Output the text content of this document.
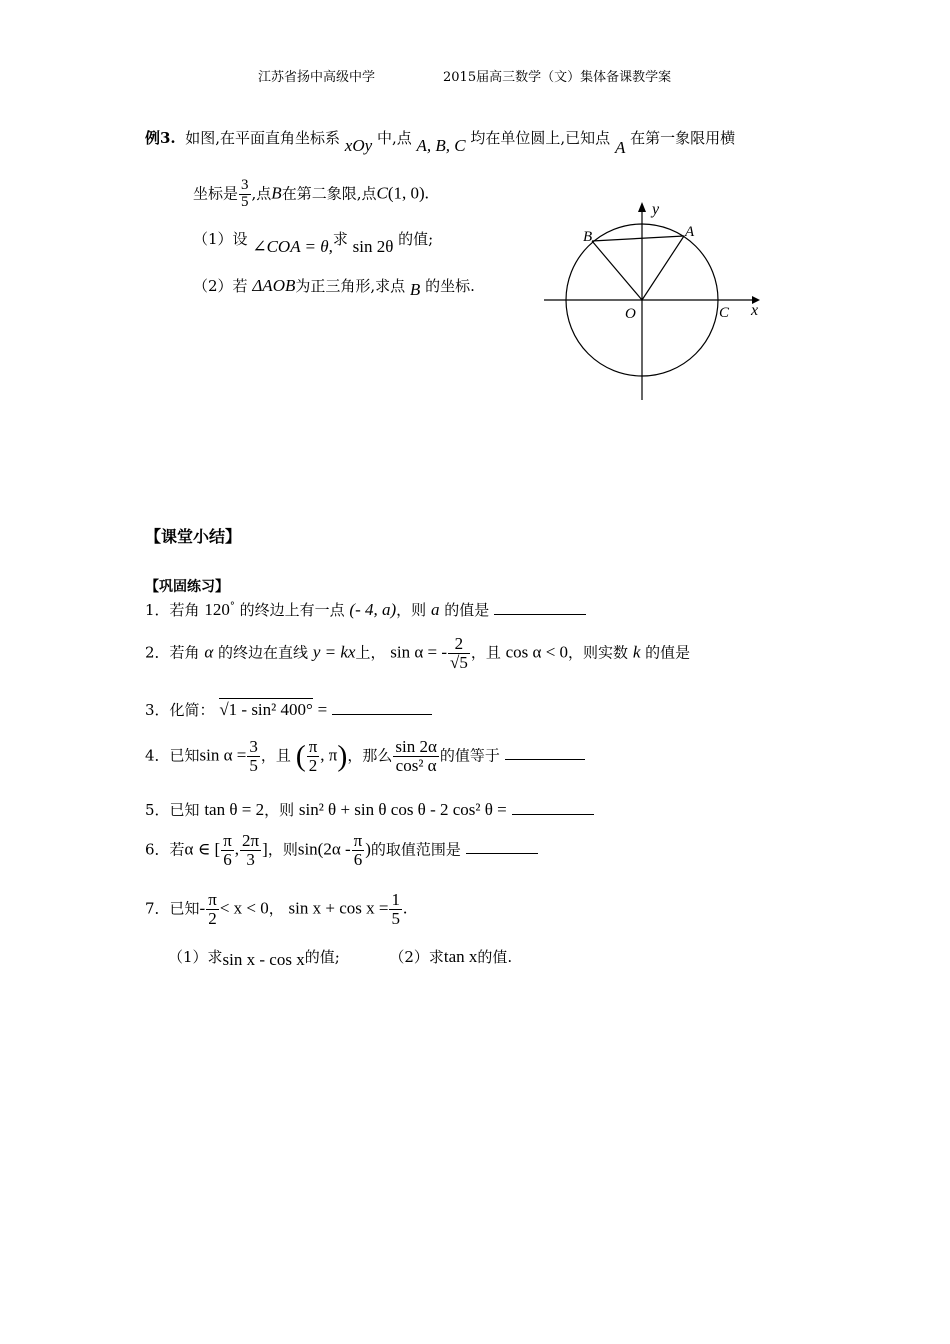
江苏省扬中高级中学	2015届高三数学（文）集体备课教学案
例3. 如图,在平面直角坐标系 xOy 中,点 A, B, C 均在单位圆上,已知点 A 在第一象限用横
坐标是 $\frac{3}{5}$ ,点B在第二象限,点C(1, 0).
（1）设 ∠COA = θ,求 sin 2θ 的值;
（2）若 ΔAOB为正三角形,求点 B 的坐标.
y
x
A
B
O	C
【课堂小结】
【巩固练习】
1．若角 120° 的终边上有一点 (- 4, a)，则 a 的值是
2．若角 α 的终边在直线 y = kx上， sin α = - $\frac{2}{√5}$ ，且 cos α < 0，则实数 k 的值是
3．化简： √1 - sin² 400° =
4．已知$\sin \alpha = \frac{3}{5}$ ，且 ( $\frac{\pi}{2}$ , π)，那么 $\frac{\sin 2\alpha}{\text{cos² α}}$ 的值等于
5．已知 tan θ = 2，则 sin² θ + sin θ cos θ - 2 cos² θ =
6．若α ∈ [ $\frac{\pi}{6}$ , $\frac{2\pi}{3}$ ]，则$\sin(2\alpha - \frac{\pi}{6}$ )的取值范围是
7．已知- $\frac{\pi}{2} < x < 0$， $\sin x + \cos x = \frac{1}{5}$ .
（1）求sin x - cos x的值;	（2）求tan x的值.
